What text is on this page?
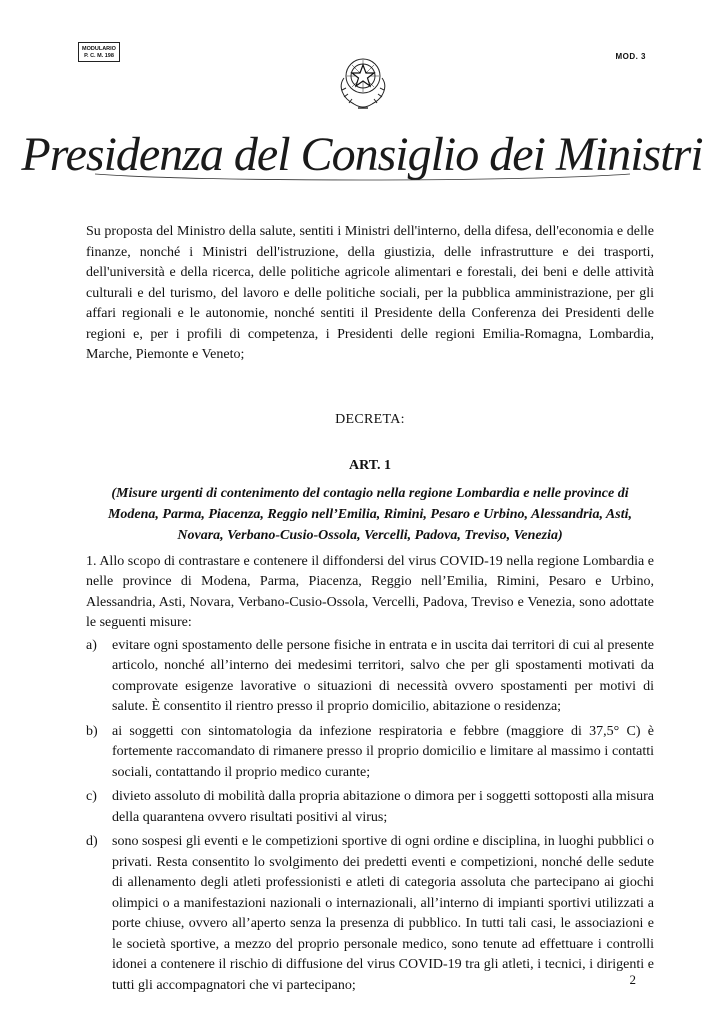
MODULARIO
P. C. M. 198	MOD. 3
Presidenza del Consiglio dei Ministri

Su proposta del Ministro della salute, sentiti i Ministri dell'interno, della difesa, dell'economia e delle finanze, nonché i Ministri dell'istruzione, della giustizia, delle infrastrutture e dei trasporti, dell'università e della ricerca, delle politiche agricole alimentari e forestali, dei beni e delle attività culturali e del turismo, del lavoro e delle politiche sociali, per la pubblica amministrazione, per gli affari regionali e le autonomie, nonché sentiti il Presidente della Conferenza dei Presidenti delle regioni e, per i profili di competenza, i Presidenti delle regioni Emilia-Romagna, Lombardia, Marche, Piemonte e Veneto;

DECRETA:

ART. 1

(Misure urgenti di contenimento del contagio nella regione Lombardia e nelle province di Modena, Parma, Piacenza, Reggio nell’Emilia, Rimini, Pesaro e Urbino, Alessandria, Asti, Novara, Verbano-Cusio-Ossola, Vercelli, Padova, Treviso, Venezia)

1. Allo scopo di contrastare e contenere il diffondersi del virus COVID-19 nella regione Lombardia e nelle province di Modena, Parma, Piacenza, Reggio nell’Emilia, Rimini, Pesaro e Urbino, Alessandria, Asti, Novara, Verbano-Cusio-Ossola, Vercelli, Padova, Treviso e Venezia, sono adottate le seguenti misure:

a)	evitare ogni spostamento delle persone fisiche in entrata e in uscita dai territori di cui al presente articolo, nonché all’interno dei medesimi territori, salvo che per gli spostamenti motivati da comprovate esigenze lavorative o situazioni di necessità ovvero spostamenti per motivi di salute. È consentito il rientro presso il proprio domicilio, abitazione o residenza;
b)	ai soggetti con sintomatologia da infezione respiratoria e febbre (maggiore di 37,5° C) è fortemente raccomandato di rimanere presso il proprio domicilio e limitare al massimo i contatti sociali, contattando il proprio medico curante;
c)	divieto assoluto di mobilità dalla propria abitazione o dimora per i soggetti sottoposti alla misura della quarantena ovvero risultati positivi al virus;
d)	sono sospesi gli eventi e le competizioni sportive di ogni ordine e disciplina, in luoghi pubblici o privati. Resta consentito lo svolgimento dei predetti eventi e competizioni, nonché delle sedute di allenamento degli atleti professionisti e atleti di categoria assoluta che partecipano ai giochi olimpici o a manifestazioni nazionali o internazionali, all’interno di impianti sportivi utilizzati a porte chiuse, ovvero all’aperto senza la presenza di pubblico. In tutti tali casi, le associazioni e le società sportive, a mezzo del proprio personale medico, sono tenute ad effettuare i controlli idonei a contenere il rischio di diffusione del virus COVID-19 tra gli atleti, i tecnici, i dirigenti e tutti gli accompagnatori che vi partecipano;	2
